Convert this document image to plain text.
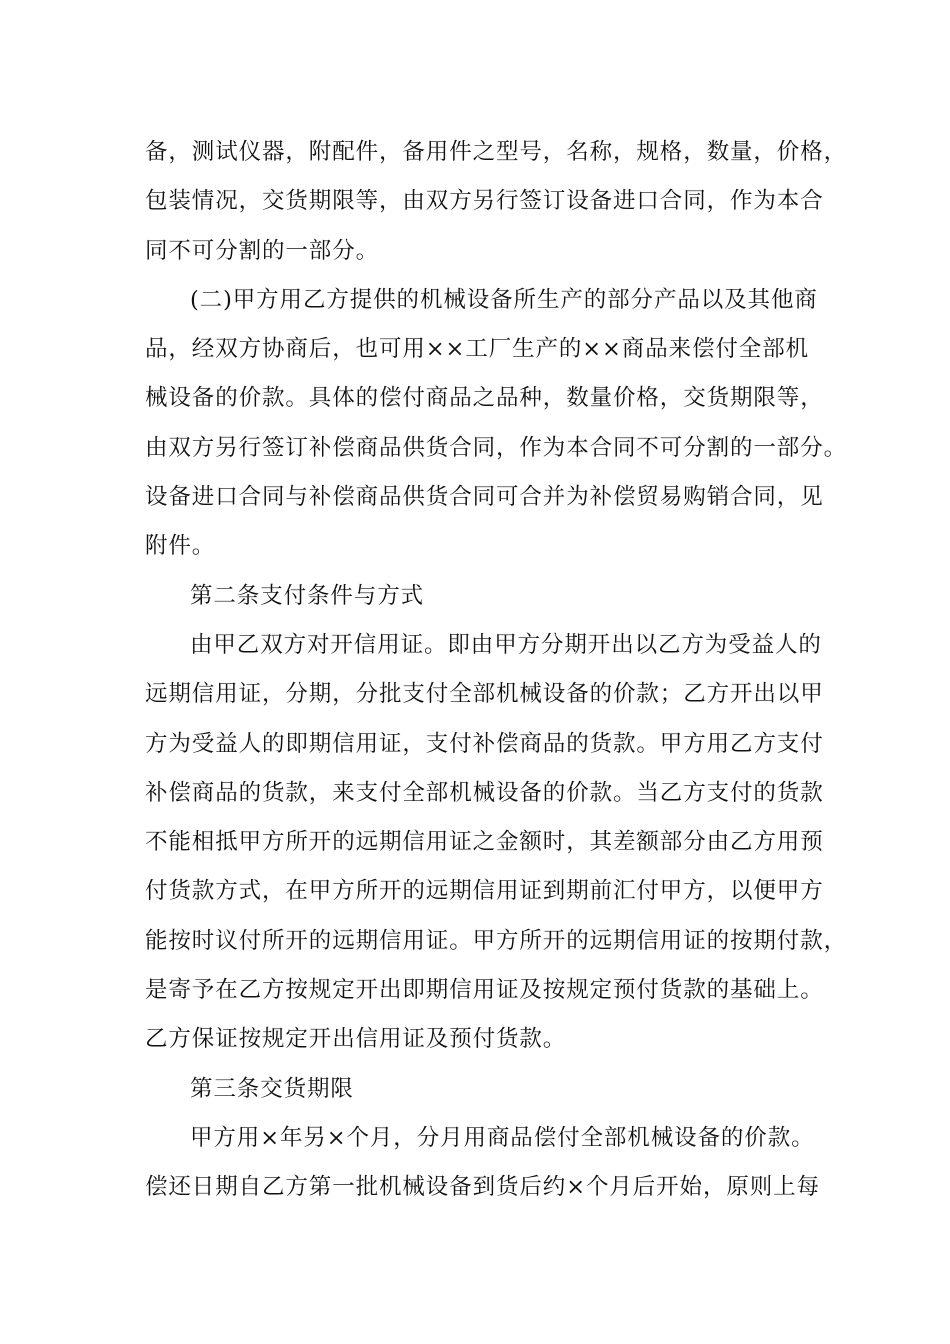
备，测试仪器，附配件，备用件之型号，名称，规格，数量，价格，
包装情况，交货期限等，由双方另行签订设备进口合同，作为本合
同不可分割的一部分。
(二)甲方用乙方提供的机械设备所生产的部分产品以及其他商
品，经双方协商后，也可用××工厂生产的××商品来偿付全部机
械设备的价款。具体的偿付商品之品种，数量价格，交货期限等，
由双方另行签订补偿商品供货合同，作为本合同不可分割的一部分。
设备进口合同与补偿商品供货合同可合并为补偿贸易购销合同，见
附件。
第二条支付条件与方式
由甲乙双方对开信用证。即由甲方分期开出以乙方为受益人的
远期信用证，分期，分批支付全部机械设备的价款；乙方开出以甲
方为受益人的即期信用证，支付补偿商品的货款。甲方用乙方支付
补偿商品的货款，来支付全部机械设备的价款。当乙方支付的货款
不能相抵甲方所开的远期信用证之金额时，其差额部分由乙方用预
付货款方式，在甲方所开的远期信用证到期前汇付甲方，以便甲方
能按时议付所开的远期信用证。甲方所开的远期信用证的按期付款，
是寄予在乙方按规定开出即期信用证及按规定预付货款的基础上。
乙方保证按规定开出信用证及预付货款。
第三条交货期限
甲方用×年另×个月，分月用商品偿付全部机械设备的价款。
偿还日期自乙方第一批机械设备到货后约×个月后开始，原则上每
